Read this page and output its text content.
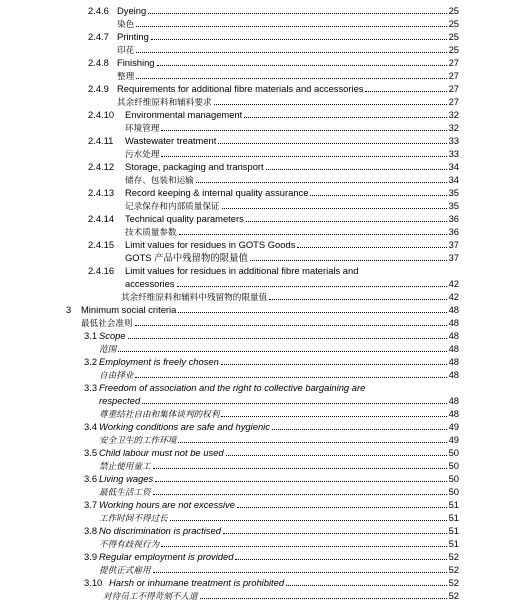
2.4.6 Dyeing	25
染色	25
2.4.7 Printing	25
印花	25
2.4.8 Finishing	27
整理	27
2.4.9 Requirements for additional fibre materials and accessories	27
其余纤维原料和辅料要求	27
2.4.10 Environmental management	32
环境管理	32
2.4.11 Wastewater treatment	33
污水处理	33
2.4.12 Storage, packaging and transport	34
储存、包装和运输	34
2.4.13 Record keeping & internal quality assurance	35
记录保存和内部质量保证	35
2.4.14 Technical quality parameters	36
技术质量参数	36
2.4.15 Limit values for residues in GOTS Goods	37
GOTS 产品中残留物的限量值	37
2.4.16 Limit values for residues in additional fibre materials and
accessories	42
其余纤维原料和辅料中残留物的限量值	42
3 Minimum social criteria	48
最低社会准则	48
3.1 Scope	48
范围	48
3.2 Employment is freely chosen	48
自由择业	48
3.3 Freedom of association and the right to collective bargaining are
respected	48
尊重结社自由和集体谈判的权利	48
3.4 Working conditions are safe and hygienic	49
安全卫生的工作环境	49
3.5 Child labour must not be used	50
禁止使用童工	50
3.6 Living wages	50
最低生活工资	50
3.7 Working hours are not excessive	51
工作时间不得过长	51
3.8 No discrimination is practised	51
不得有歧视行为	51
3.9 Regular employment is provided	52
提供正式雇用	52
3.10 Harsh or inhumane treatment is prohibited	52
对待员工不得苛刻不人道	52
